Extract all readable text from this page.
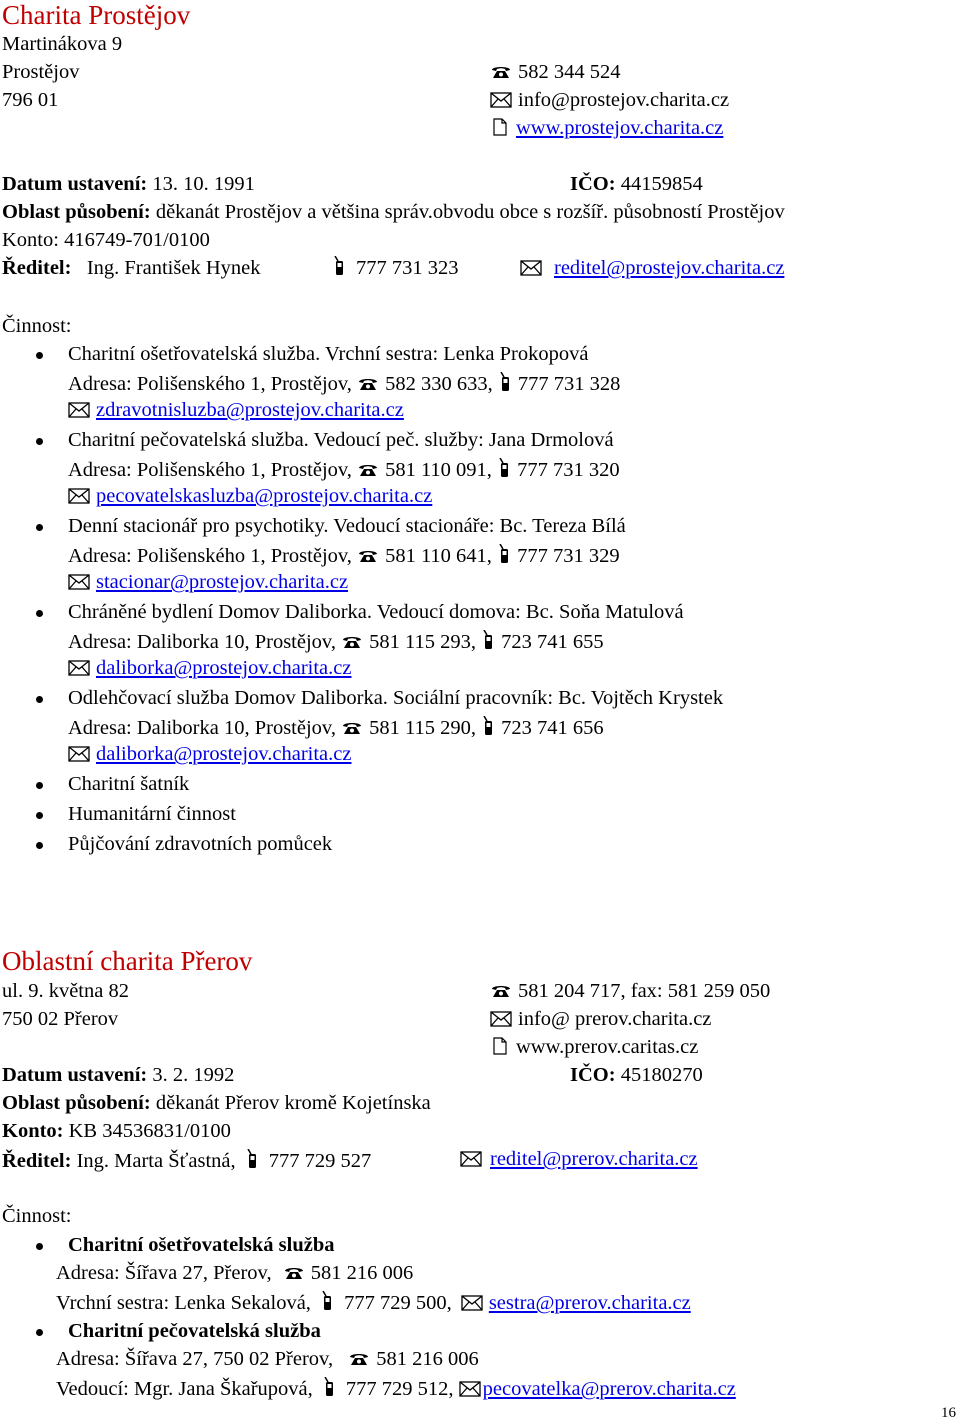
Charita Prostějov
Martinákova 9
Prostějov
796 01
582 344 524
info@prostejov.charita.cz
www.prostejov.charita.cz
Datum ustavení: 13. 10. 1991	IČO: 44159854
Oblast působení: děkanát Prostějov a většina správ.obvodu obce s rozšíř. působností Prostějov
Konto: 416749-701/0100
Ředitel: Ing. František Hynek	777 731 323	reditel@prostejov.charita.cz
Činnost:
Charitní ošetřovatelská služba. Vrchní sestra: Lenka Prokopová
Adresa: Polišenského 1, Prostějov, 582 330 633, 777 731 328
zdravotnisluzba@prostejov.charita.cz
Charitní pečovatelská služba. Vedoucí peč. služby: Jana Drmolová
Adresa: Polišenského 1, Prostějov, 581 110 091, 777 731 320
pecovatelskasluzba@prostejov.charita.cz
Denní stacionář pro psychotiky. Vedoucí stacionáře: Bc. Tereza Bílá
Adresa: Polišenského 1, Prostějov, 581 110 641, 777 731 329
stacionar@prostejov.charita.cz
Chráněné bydlení Domov Daliborka. Vedoucí domova: Bc. Soňa Matulová
Adresa: Daliborka 10, Prostějov, 581 115 293, 723 741 655
daliborka@prostejov.charita.cz
Odlehčovací služba Domov Daliborka. Sociální pracovník: Bc. Vojtěch Krystek
Adresa: Daliborka 10, Prostějov, 581 115 290, 723 741 656
daliborka@prostejov.charita.cz
Charitní šatník
Humanitární činnost
Půjčování zdravotních pomůcek
Oblastní charita Přerov
ul. 9. května 82
750 02 Přerov
581 204 717, fax: 581 259 050
info@ prerov.charita.cz
www.prerov.caritas.cz
Datum ustavení: 3. 2. 1992	IČO: 45180270
Oblast působení: děkanát Přerov kromě Kojetínska
Konto: KB 34536831/0100
Ředitel: Ing. Marta Šťastná, 777 729 527	reditel@prerov.charita.cz
Činnost:
Charitní ošetřovatelská služba
Adresa: Šířava 27, Přerov, 581 216 006
Vrchní sestra: Lenka Sekalová, 777 729 500, sestra@prerov.charita.cz
Charitní pečovatelská služba
Adresa: Šířava 27, 750 02 Přerov, 581 216 006
Vedoucí: Mgr. Jana Škařupová, 777 729 512, pecovatelka@prerov.charita.cz
16
